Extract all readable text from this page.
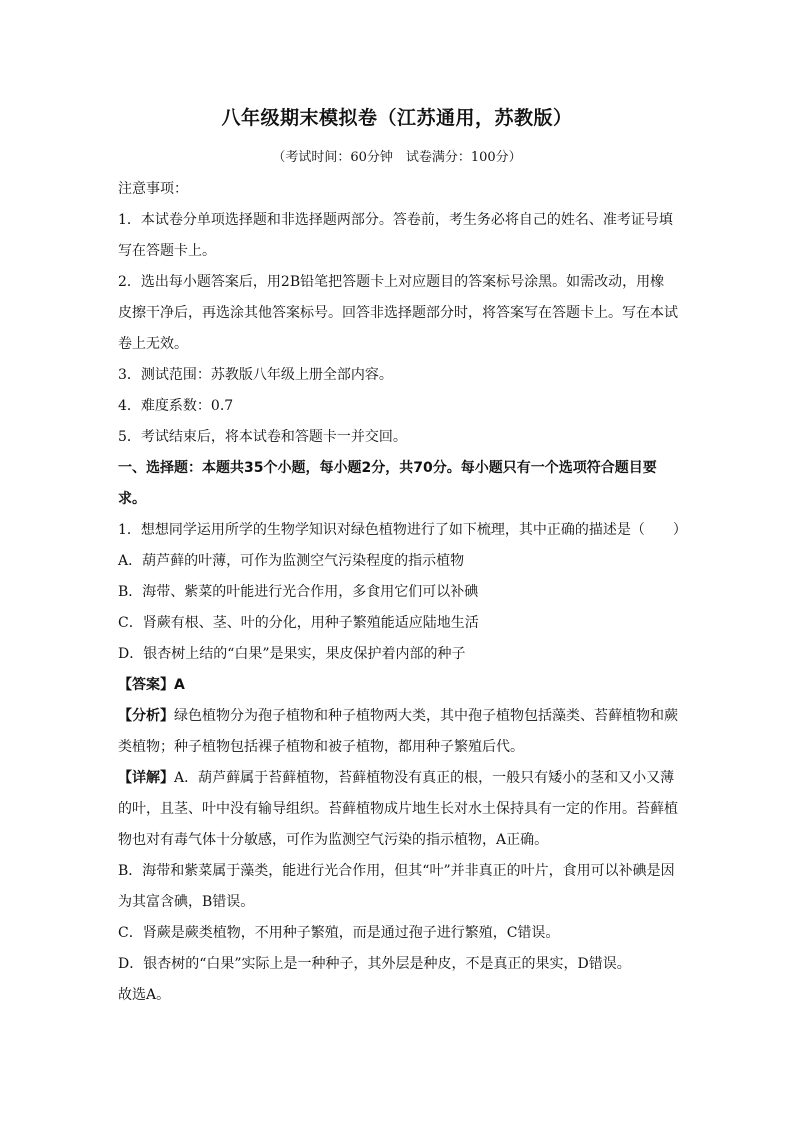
八年级期末模拟卷（江苏通用，苏教版）

（考试时间：60分钟　试卷满分：100分）

注意事项：

1．本试卷分单项选择题和非选择题两部分。答卷前，考生务必将自己的姓名、准考证号填

写在答题卡上。

2．选出每小题答案后，用2B铅笔把答题卡上对应题目的答案标号涂黑。如需改动，用橡

皮擦干净后，再选涂其他答案标号。回答非选择题部分时，将答案写在答题卡上。写在本试

卷上无效。

3．测试范围：苏教版八年级上册全部内容。

4．难度系数：0.7

5．考试结束后，将本试卷和答题卡一并交回。

一、选择题：本题共35个小题，每小题2分，共70分。每小题只有一个选项符合题目要

求。

1．想想同学运用所学的生物学知识对绿色植物进行了如下梳理，其中正确的描述是（　　）

A．葫芦藓的叶薄，可作为监测空气污染程度的指示植物

B．海带、紫菜的叶能进行光合作用，多食用它们可以补碘

C．肾蕨有根、茎、叶的分化，用种子繁殖能适应陆地生活

D．银杏树上结的“白果”是果实，果皮保护着内部的种子

【答案】A

【分析】绿色植物分为孢子植物和种子植物两大类，其中孢子植物包括藻类、苔藓植物和蕨

类植物；种子植物包括裸子植物和被子植物，都用种子繁殖后代。

【详解】A．葫芦藓属于苔藓植物，苔藓植物没有真正的根，一般只有矮小的茎和又小又薄

的叶，且茎、叶中没有输导组织。苔藓植物成片地生长对水土保持具有一定的作用。苔藓植

物也对有毒气体十分敏感，可作为监测空气污染的指示植物，A正确。

B．海带和紫菜属于藻类，能进行光合作用，但其“叶”并非真正的叶片，食用可以补碘是因

为其富含碘，B错误。

C．肾蕨是蕨类植物，不用种子繁殖，而是通过孢子进行繁殖，C错误。

D．银杏树的“白果”实际上是一种种子，其外层是种皮，不是真正的果实，D错误。

故选A。
